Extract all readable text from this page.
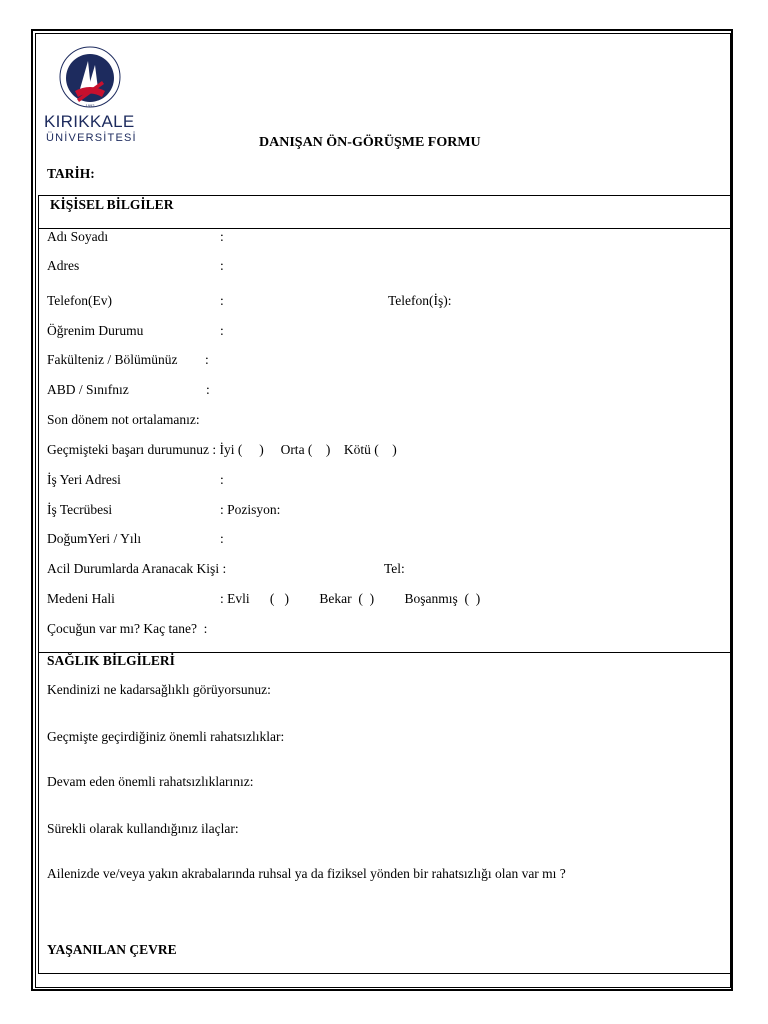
1992
KIRIKKALE
ÜNİVERSİTESİ	DANIŞAN ÖN-GÖRÜŞME FORMU
TARİH:
KİŞİSEL BİLGİLER
Adı Soyadı	:
Adres	:
Telefon(Ev)	:	Telefon(İş):
Öğrenim Durumu	:
Fakülteniz / Bölümünüz :
ABD / Sınıfnız	:
Son dönem not ortalamanız:
Geçmişteki başarı durumunuz : İyi (     )     Orta (    )    Kötü (    )
İş Yeri Adresi	:
İş Tecrübesi	: Pozisyon:
DoğumYeri / Yılı	:
Acil Durumlarda Aranacak Kişi :	Tel:
Medeni Hali	: Evli      (   )         Bekar  (  )         Boşanmış  (  )
Çocuğun var mı? Kaç tane?  :
SAĞLIK BİLGİLERİ
Kendinizi ne kadarsağlıklı görüyorsunuz:
Geçmişte geçirdiğiniz önemli rahatsızlıklar:
Devam eden önemli rahatsızlıklarınız:
Sürekli olarak kullandığınız ilaçlar:
Ailenizde ve/veya yakın akrabalarında ruhsal ya da fiziksel yönden bir rahatsızlığı olan var mı ?
YAŞANILAN ÇEVRE
